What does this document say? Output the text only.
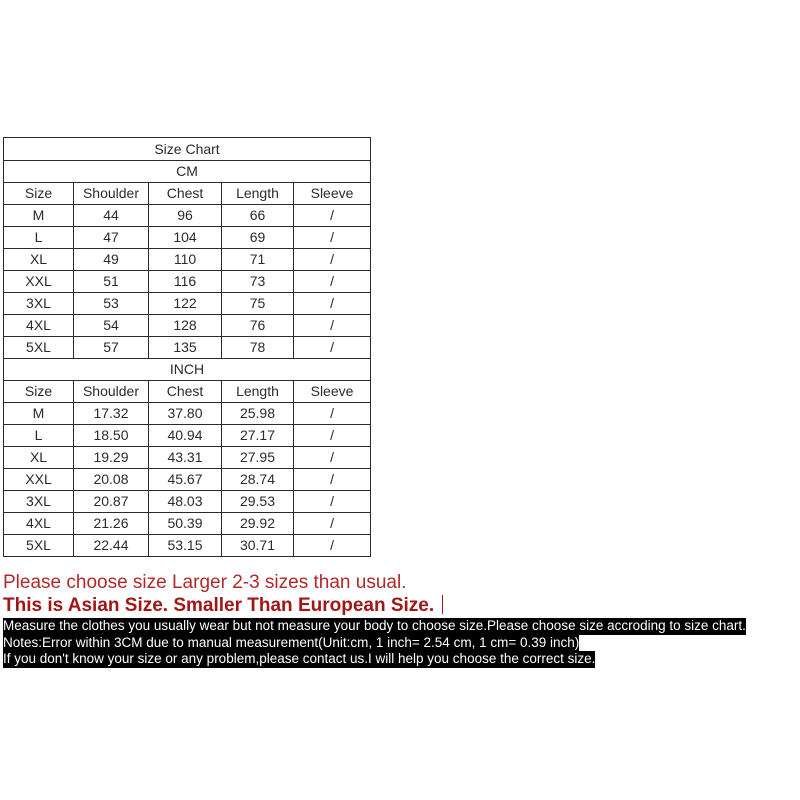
Size Chart				
CM				
Size	Shoulder	Chest	Length	Sleeve
M	44	96	66	/
L	47	104	69	/
XL	49	110	71	/
XXL	51	116	73	/
3XL	53	122	75	/
4XL	54	128	76	/
5XL	57	135	78	/
INCH				
Size	Shoulder	Chest	Length	Sleeve
M	17.32	37.80	25.98	/
L	18.50	40.94	27.17	/
XL	19.29	43.31	27.95	/
XXL	20.08	45.67	28.74	/
3XL	20.87	48.03	29.53	/
4XL	21.26	50.39	29.92	/
5XL	22.44	53.15	30.71	/
Please choose size Larger 2-3 sizes than usual.
This is Asian Size. Smaller Than European Size.
Measure the clothes you usually wear but not measure your body to choose size.Please choose size accroding to size chart.
Notes:Error within 3CM due to manual measurement(Unit:cm, 1 inch= 2.54 cm, 1 cm= 0.39 inch)
If you don't know your size or any problem,please contact us.I will help you choose the correct size.
